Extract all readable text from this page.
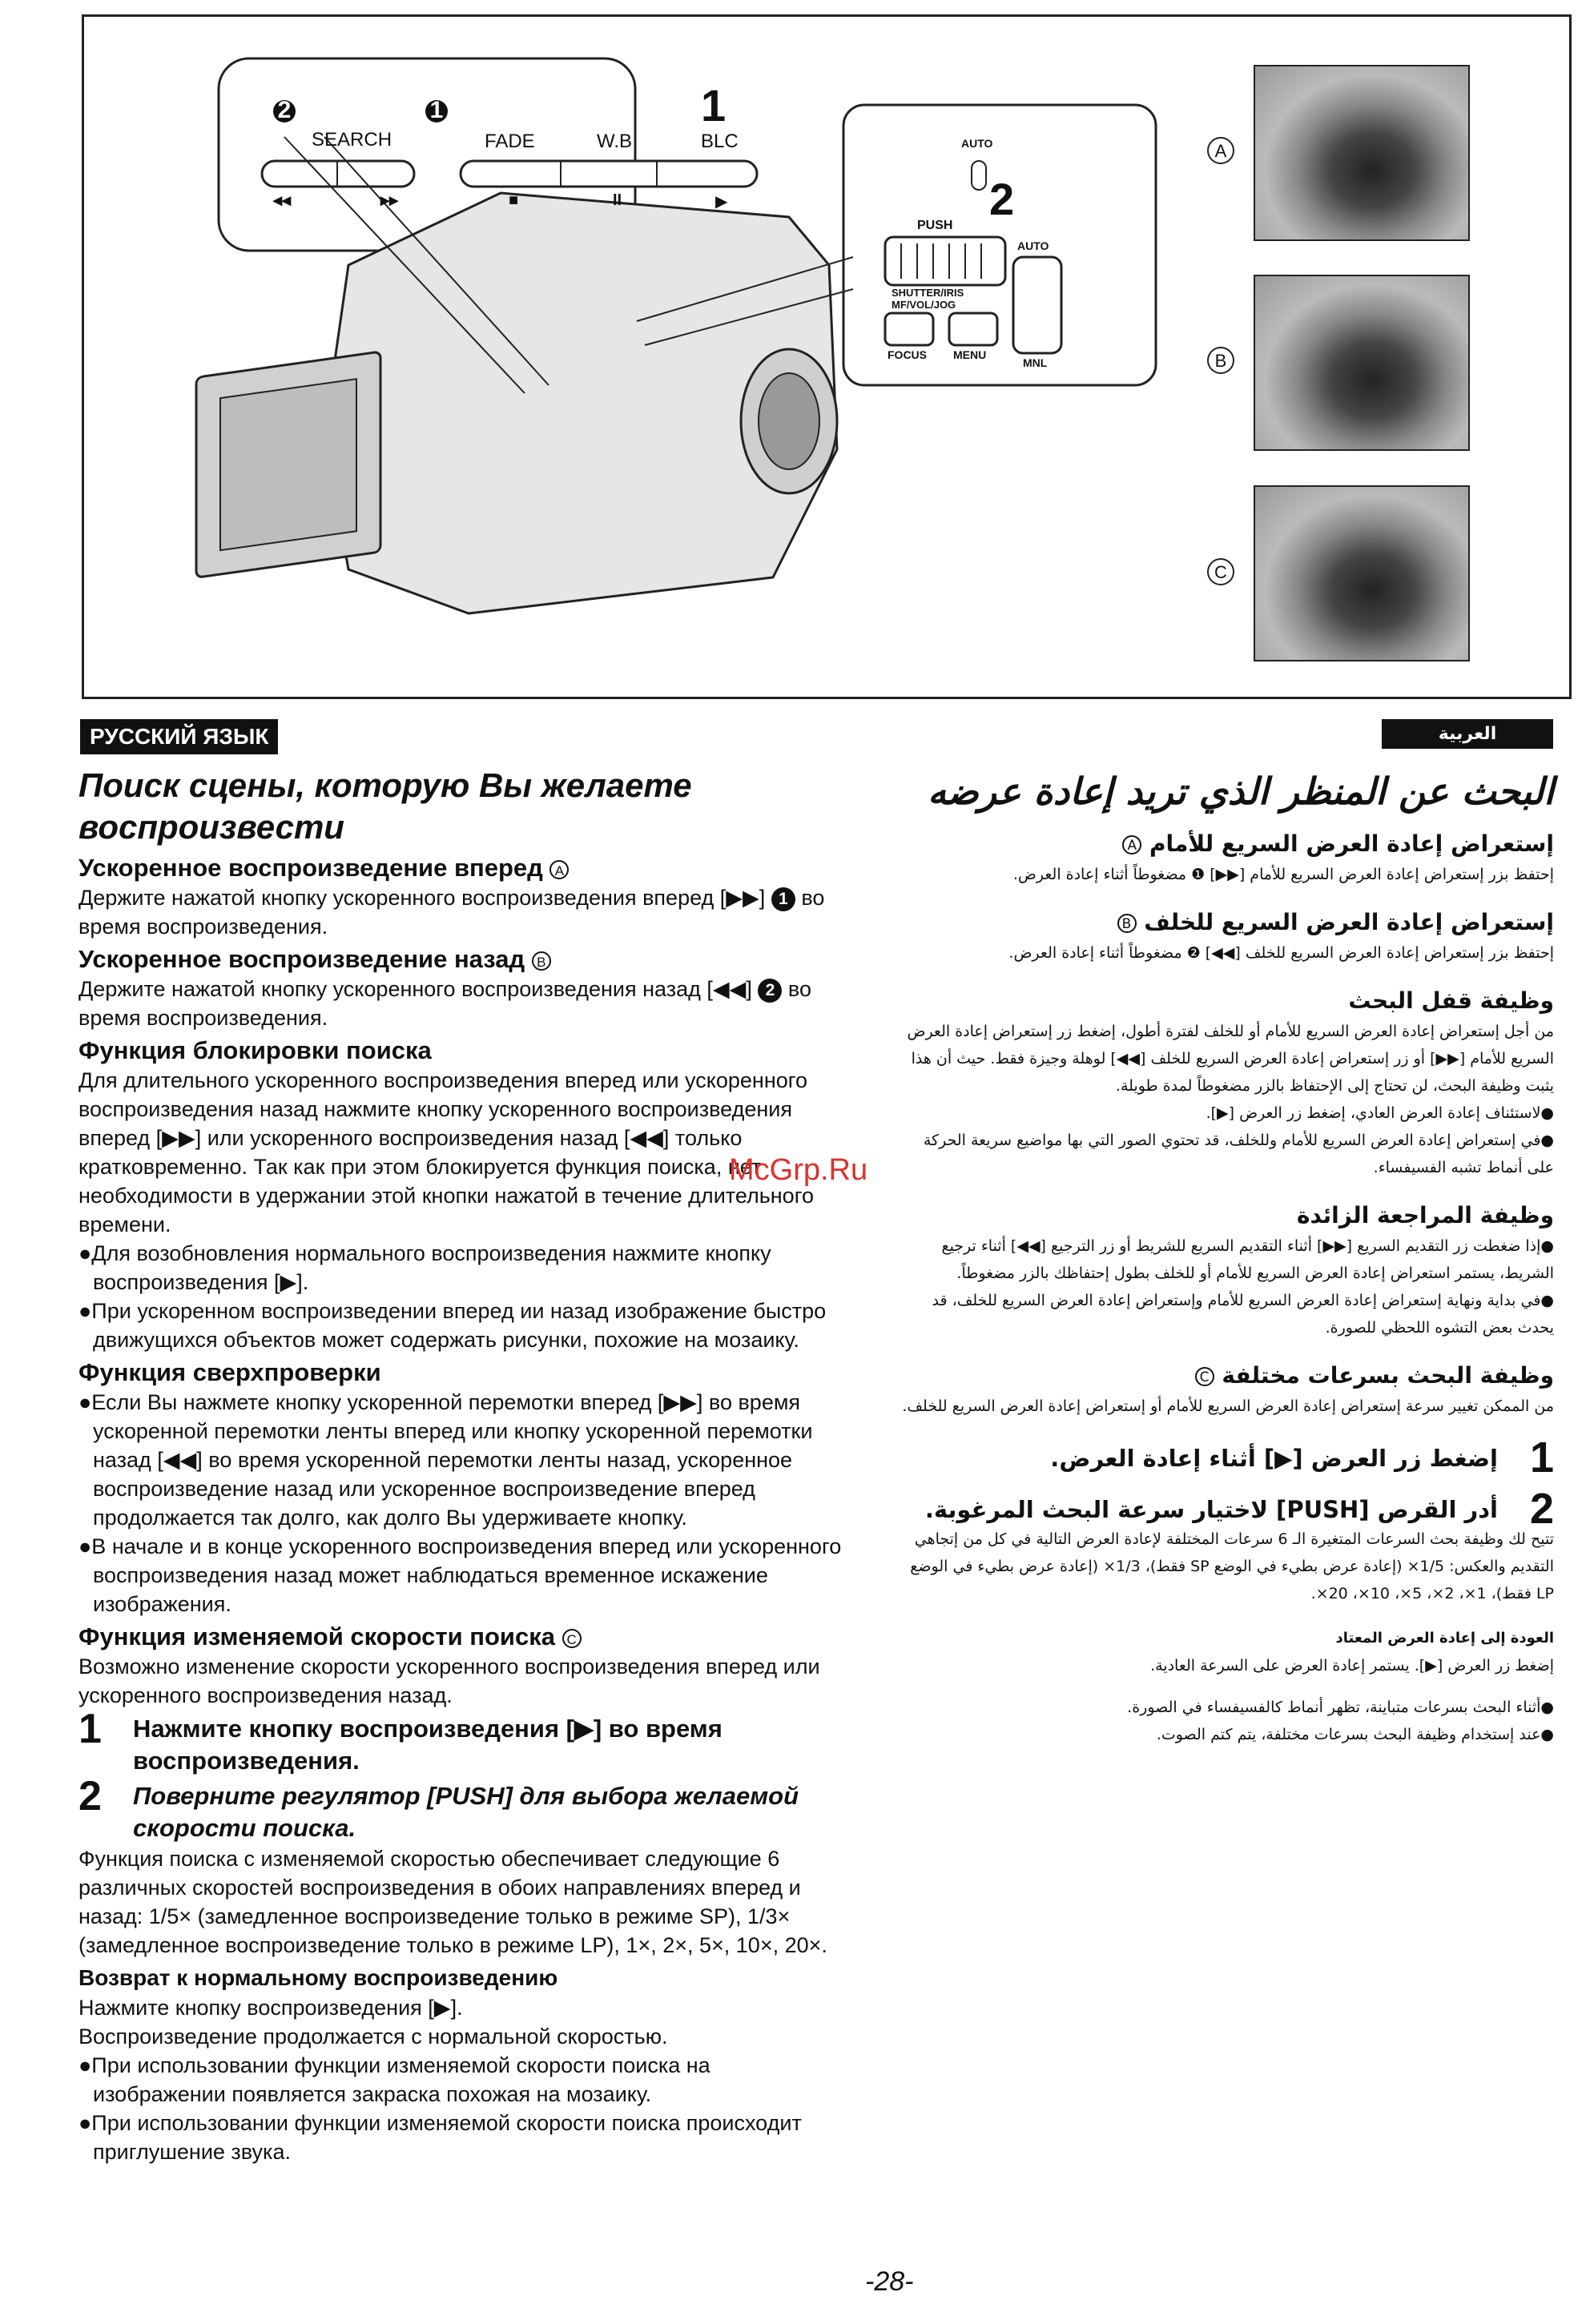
2
SEARCH
1
FADE	W.B
1
BLC
◂◂	▸▸	■	II	▶
AUTO
2
PUSH
AUTO
SHUTTER/IRIS
MF/VOL/JOG
FOCUS MENU
MNL
A
B
C
РУССКИЙ ЯЗЫК	العربية

Поиск сцены, которую Вы желаете воспроизвести

Ускоренное воспроизведение вперед A

Держите нажатой кнопку ускоренного воспроизведения вперед [▶▶] 1 во время воспроизведения.

Ускоренное воспроизведение назад B

Держите нажатой кнопку ускоренного воспроизведения назад [◀◀] 2 во время воспроизведения.

Функция блокировки поиска

Для длительного ускоренного воспроизведения вперед или ускоренного воспроизведения назад нажмите кнопку ускоренного воспроизведения вперед [▶▶] или ускоренного воспроизведения назад [◀◀] только кратковременно. Так как при этом блокируется функция поиска, нет необходимости в удержании этой кнопки нажатой в течение длительного времени.

●Для возобновления нормального воспроизведения нажмите кнопку воспроизведения [▶].

●При ускоренном воспроизведении вперед ии назад изображение быстро движущихся объектов может содержать рисунки, похожие на мозаику.

Функция сверхпроверки

●Если Вы нажмете кнопку ускоренной перемотки вперед [▶▶] во время ускоренной перемотки ленты вперед или кнопку ускоренной перемотки назад [◀◀] во время ускоренной перемотки ленты назад, ускоренное воспроизведение назад или ускоренное воспроизведение вперед продолжается так долго, как долго Вы удерживаете кнопку.

●В начале и в конце ускоренного воспроизведения вперед или ускоренного воспроизведения назад может наблюдаться временное искажение изображения.

Функция изменяемой скорости поиска C

Возможно изменение скорости ускоренного воспроизведения вперед или ускоренного воспроизведения назад.

1 Нажмите кнопку воспроизведения [▶] во время воспроизведения.

2 Поверните регулятор [PUSH] для выбора желаемой скорости поиска.

Функция поиска с изменяемой скоростью обеспечивает следующие 6 различных скоростей воспроизведения в обоих направлениях вперед и назад: 1/5× (замедленное воспроизведение только в режиме SP), 1/3× (замедленное воспроизведение только в режиме LP), 1×, 2×, 5×, 10×, 20×.

Возврат к нормальному воспроизведению

Нажмите кнопку воспроизведения [▶].

Воспроизведение продолжается с нормальной скоростью.

●При использовании функции изменяемой скорости поиска на изображении появляется закраска похожая на мозаику.

●При использовании функции изменяемой скорости поиска происходит приглушение звука.

البحث عن المنظر الذي تريد إعادة عرضه

إستعراض إعادة العرض السريع للأمام A

إحتفظ بزر إستعراض إعادة العرض السريع للأمام [▶▶] ❶ مضغوطاً أثناء إعادة العرض.

إستعراض إعادة العرض السريع للخلف B

إحتفظ بزر إستعراض إعادة العرض السريع للخلف [◀◀] ❷ مضغوطاً أثناء إعادة العرض.

وظيفة قفل البحث

من أجل إستعراض إعادة العرض السريع للأمام أو للخلف لفترة أطول، إضغط زر إستعراض إعادة العرض السريع للأمام [▶▶] أو زر إستعراض إعادة العرض السريع للخلف [◀◀] لوهلة وجيزة فقط. حيث أن هذا يثبت وظيفة البحث، لن تحتاج إلى الإحتفاظ بالزر مضغوطاً لمدة طويلة.

●لاستئناف إعادة العرض العادي، إضغط زر العرض [▶].

●في إستعراض إعادة العرض السريع للأمام وللخلف، قد تحتوي الصور التي بها مواضيع سريعة الحركة على أنماط تشبه الفسيفساء.

وظيفة المراجعة الزائدة

●إذا ضغطت زر التقديم السريع [▶▶] أثناء التقديم السريع للشريط أو زر الترجيع [◀◀] أثناء ترجيع الشريط، يستمر استعراض إعادة العرض السريع للأمام أو للخلف بطول إحتفاظك بالزر مضغوطاً.

●في بداية ونهاية إستعراض إعادة العرض السريع للأمام وإستعراض إعادة العرض السريع للخلف، قد يحدث بعض التشوه اللحظي للصورة.

وظيفة البحث بسرعات مختلفة C

من الممكن تغيير سرعة إستعراض إعادة العرض السريع للأمام أو إستعراض إعادة العرض السريع للخلف.

1
إضغط زر العرض [▶] أثناء إعادة العرض.

2
أدر القرص [PUSH] لاختيار سرعة البحث المرغوبة.

تتيح لك وظيفة بحث السرعات المتغيرة الـ 6 سرعات المختلفة لإعادة العرض التالية في كل من إتجاهي التقديم والعكس: 1/5× (إعادة عرض بطيء في الوضع SP فقط)، 1/3× (إعادة عرض بطيء في الوضع LP فقط)، 1×، 2×، 5×، 10×، 20×.

العودة إلى إعادة العرض المعتاد

إضغط زر العرض [▶]. يستمر إعادة العرض على السرعة العادية.

●أثناء البحث بسرعات متباينة، تظهر أنماط كالفسيفساء في الصورة.

●عند إستخدام وظيفة البحث بسرعات مختلفة، يتم كتم الصوت.

McGrp.Ru
-28-
